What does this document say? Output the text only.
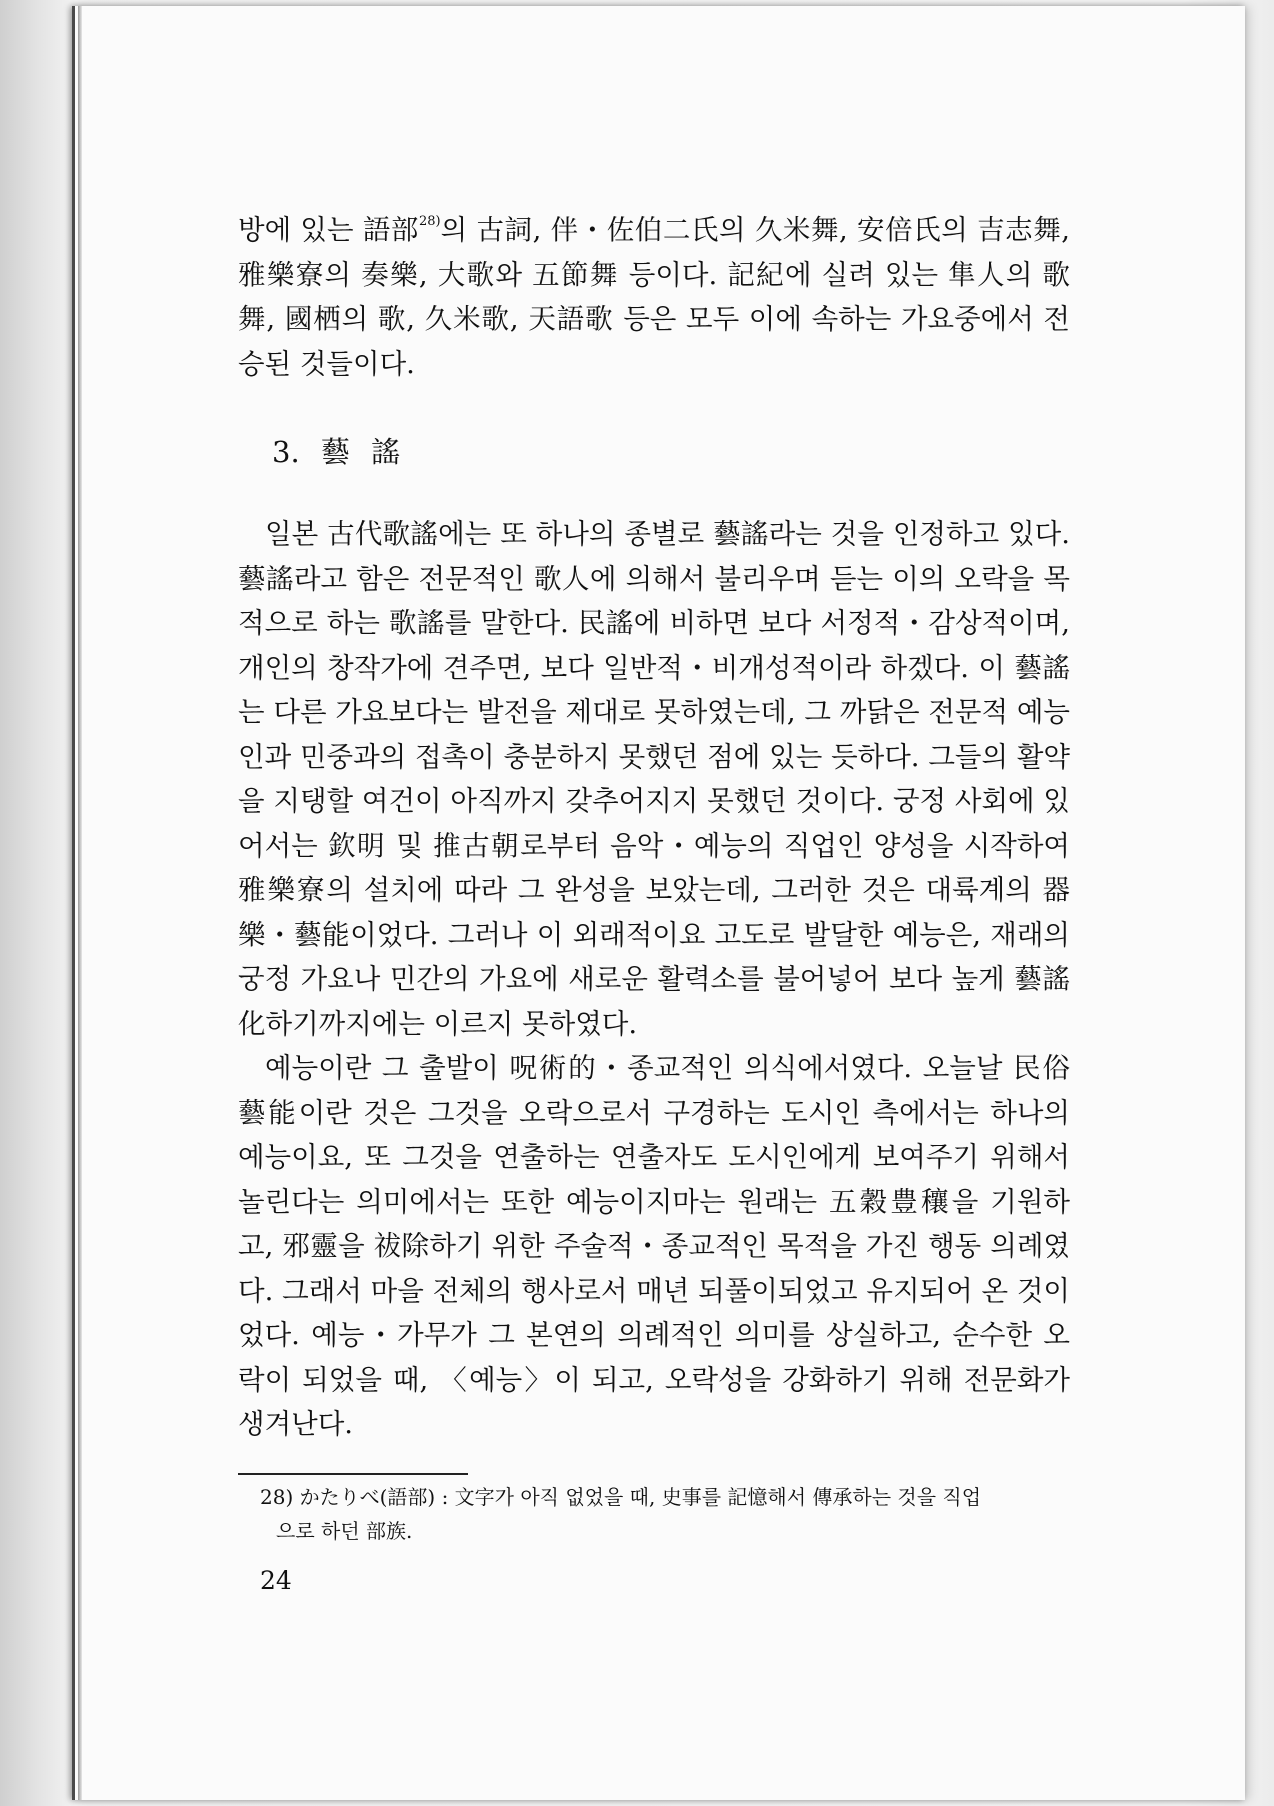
방에 있는 語部$^{28)}$의 古詞, 伴・佐伯二氏의 久米舞, 安倍氏의 吉志舞, 雅樂寮의 奏樂, 大歌와 五節舞 등이다. 記紀에 실려 있는 隼人의 歌舞, 國栖의 歌, 久米歌, 天語歌 등은 모두 이에 속하는 가요중에서 전승된 것들이다.

3. 藝 謠

일본 古代歌謠에는 또 하나의 종별로 藝謠라는 것을 인정하고 있다. 藝謠라고 함은 전문적인 歌人에 의해서 불리우며 듣는 이의 오락을 목적으로 하는 歌謠를 말한다. 民謠에 비하면 보다 서정적・감상적이며, 개인의 창작가에 견주면, 보다 일반적・비개성적이라 하겠다. 이 藝謠는 다른 가요보다는 발전을 제대로 못하였는데, 그 까닭은 전문적 예능인과 민중과의 접촉이 충분하지 못했던 점에 있는 듯하다. 그들의 활약을 지탱할 여건이 아직까지 갖추어지지 못했던 것이다. 궁정 사회에 있어서는 欽明 및 推古朝로부터 음악・예능의 직업인 양성을 시작하여 雅樂寮의 설치에 따라 그 완성을 보았는데, 그러한 것은 대륙계의 器樂・藝能이었다. 그러나 이 외래적이요 고도로 발달한 예능은, 재래의 궁정 가요나 민간의 가요에 새로운 활력소를 불어넣어 보다 높게 藝謠化하기까지에는 이르지 못하였다.

예능이란 그 출발이 呪術的・종교적인 의식에서였다. 오늘날 民俗藝能이란 것은 그것을 오락으로서 구경하는 도시인 측에서는 하나의 예능이요, 또 그것을 연출하는 연출자도 도시인에게 보여주기 위해서 놀린다는 의미에서는 또한 예능이지마는 원래는 五穀豊穰을 기원하고, 邪靈을 祓除하기 위한 주술적・종교적인 목적을 가진 행동 의례였다. 그래서 마을 전체의 행사로서 매년 되풀이되었고 유지되어 온 것이었다. 예능・가무가 그 본연의 의례적인 의미를 상실하고, 순수한 오락이 되었을 때, 〈예능〉이 되고, 오락성을 강화하기 위해 전문화가 생겨난다.

28) かたりべ(語部) : 文字가 아직 없었을 때, 史事를 記憶해서 傳承하는 것을 직업
으로 하던 部族.
24
